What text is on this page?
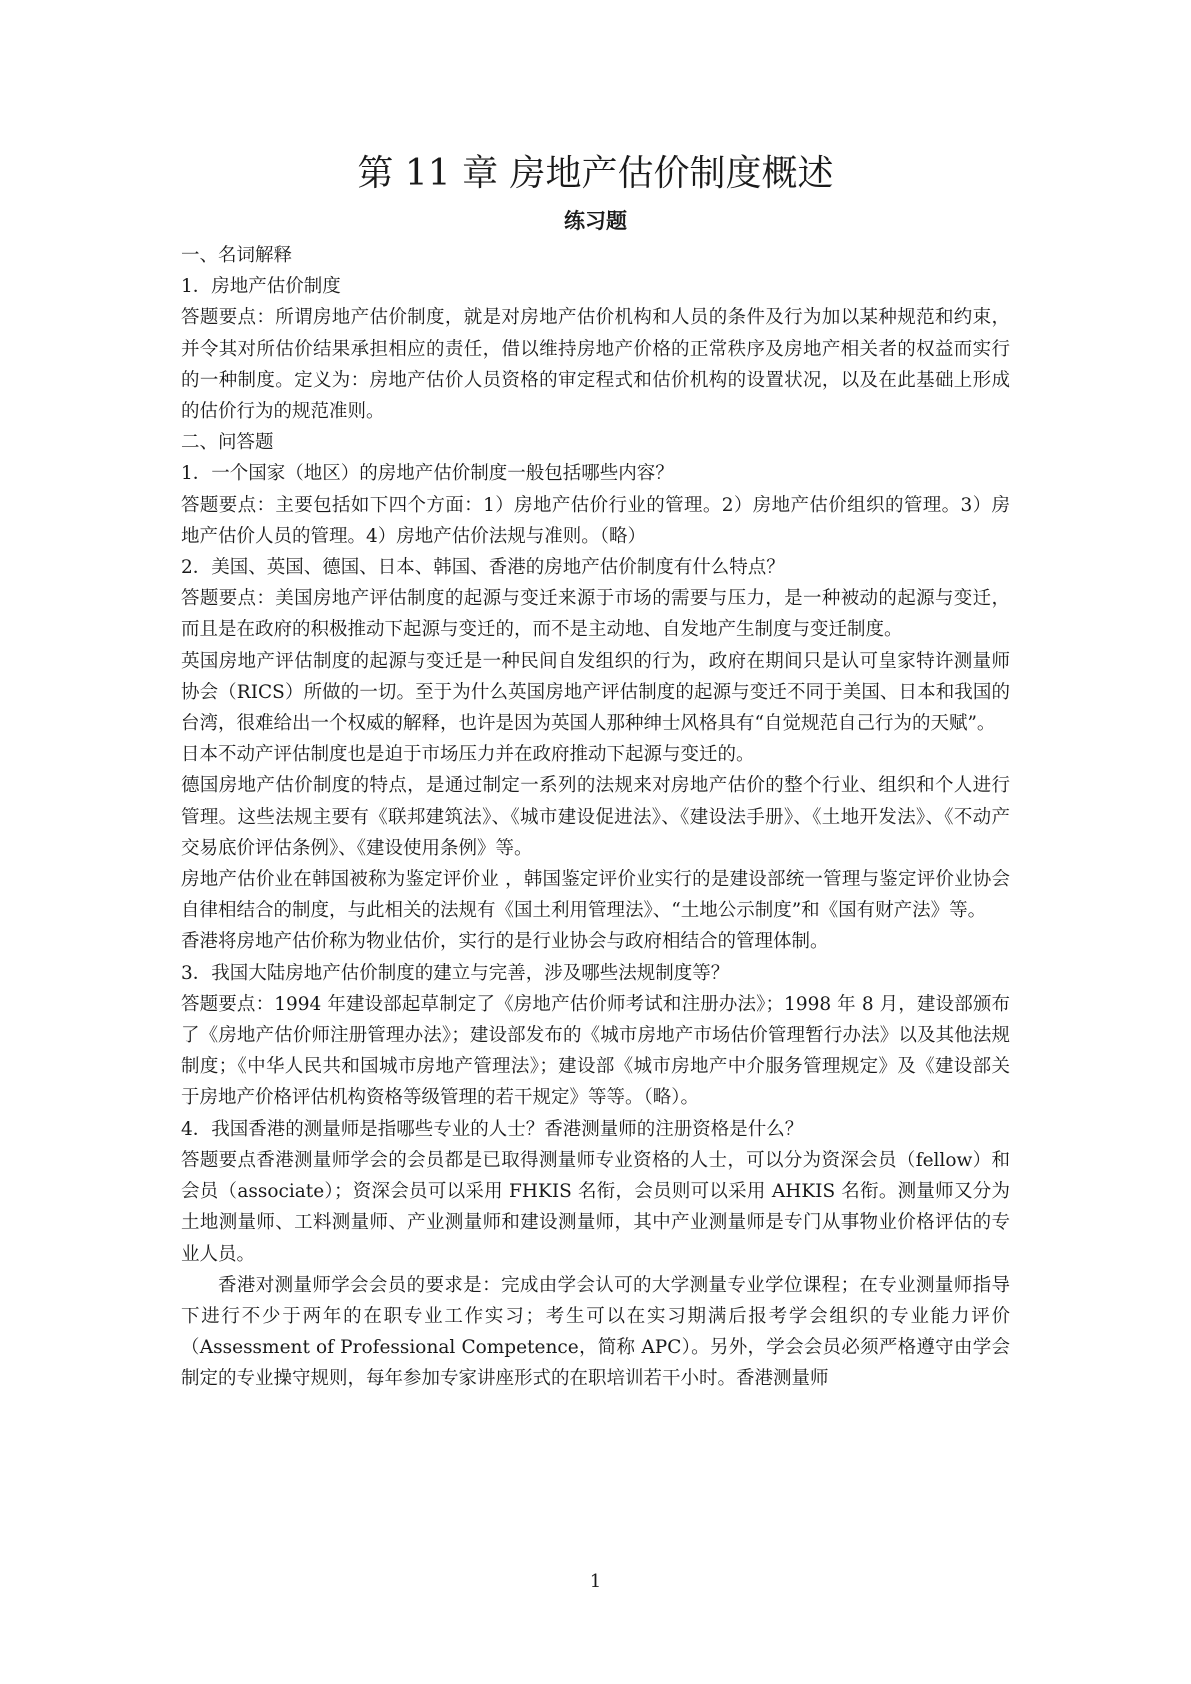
第 11 章 房地产估价制度概述
练习题

一、名词解释

1．房地产估价制度

答题要点：所谓房地产估价制度，就是对房地产估价机构和人员的条件及行为加以某种规范和约束，并令其对所估价结果承担相应的责任，借以维持房地产价格的正常秩序及房地产相关者的权益而实行的一种制度。定义为：房地产估价人员资格的审定程式和估价机构的设置状况，以及在此基础上形成的估价行为的规范准则。

二、问答题

1．一个国家（地区）的房地产估价制度一般包括哪些内容？

答题要点：主要包括如下四个方面：1）房地产估价行业的管理。2）房地产估价组织的管理。3）房地产估价人员的管理。4）房地产估价法规与准则。（略）

2．美国、英国、德国、日本、韩国、香港的房地产估价制度有什么特点？

答题要点：美国房地产评估制度的起源与变迁来源于市场的需要与压力，是一种被动的起源与变迁，而且是在政府的积极推动下起源与变迁的，而不是主动地、自发地产生制度与变迁制度。

英国房地产评估制度的起源与变迁是一种民间自发组织的行为，政府在期间只是认可皇家特许测量师协会（RICS）所做的一切。至于为什么英国房地产评估制度的起源与变迁不同于美国、日本和我国的台湾，很难给出一个权威的解释，也许是因为英国人那种绅士风格具有“自觉规范自己行为的天赋”。

日本不动产评估制度也是迫于市场压力并在政府推动下起源与变迁的。

德国房地产估价制度的特点，是通过制定一系列的法规来对房地产估价的整个行业、组织和个人进行管理。这些法规主要有《联邦建筑法》、《城市建设促进法》、《建设法手册》、《土地开发法》、《不动产交易底价评估条例》、《建设使用条例》等。

房地产估价业在韩国被称为鉴定评价业 ，韩国鉴定评价业实行的是建设部统一管理与鉴定评价业协会自律相结合的制度，与此相关的法规有《国土利用管理法》、“土地公示制度”和《国有财产法》等。

香港将房地产估价称为物业估价，实行的是行业协会与政府相结合的管理体制。

3．我国大陆房地产估价制度的建立与完善，涉及哪些法规制度等？

答题要点：1994 年建设部起草制定了《房地产估价师考试和注册办法》；1998 年 8 月，建设部颁布了《房地产估价师注册管理办法》；建设部发布的《城市房地产市场估价管理暂行办法》以及其他法规制度；《中华人民共和国城市房地产管理法》；建设部《城市房地产中介服务管理规定》及《建设部关于房地产价格评估机构资格等级管理的若干规定》等等。（略）。

4．我国香港的测量师是指哪些专业的人士？香港测量师的注册资格是什么？

答题要点香港测量师学会的会员都是已取得测量师专业资格的人士，可以分为资深会员（fellow）和会员（associate）；资深会员可以采用 FHKIS 名衔，会员则可以采用 AHKIS 名衔。测量师又分为土地测量师、工料测量师、产业测量师和建设测量师，其中产业测量师是专门从事物业价格评估的专业人员。

香港对测量师学会会员的要求是：完成由学会认可的大学测量专业学位课程；在专业测量师指导下进行不少于两年的在职专业工作实习；考生可以在实习期满后报考学会组织的专业能力评价（Assessment of Professional Competence，简称 APC）。另外，学会会员必须严格遵守由学会制定的专业操守规则，每年参加专家讲座形式的在职培训若干小时。香港测量师

1
